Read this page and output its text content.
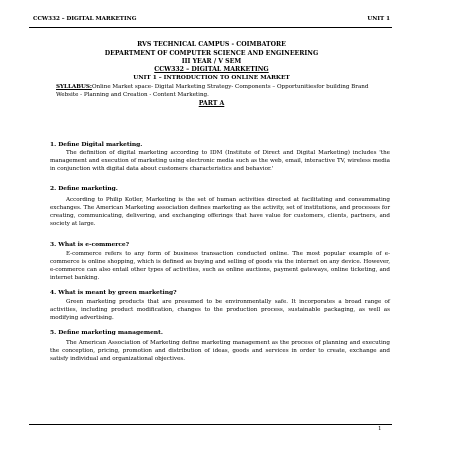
CCW332 – DIGITAL MARKETING	UNIT 1
RVS TECHNICAL CAMPUS - COIMBATORE
DEPARTMENT OF COMPUTER SCIENCE AND ENGINEERING
III YEAR / V SEM
CCW332 – DIGITAL MARKETING
UNIT 1 – INTRODUCTION TO ONLINE MARKET
SYLLABUS:Online Market space- Digital Marketing Strategy- Components – Opportunitiesfor building Brand Website - Planning and Creation - Content Marketing.
PART A
1. Define Digital marketing.
The definition of digital marketing according to IDM (Institute of Direct and Digital Marketing) includes 'the management and execution of marketing using electronic media such as the web, email, interactive TV, wireless media in conjunction with digital data about customers characteristics and behavior.'
2. Define marketing.
According to Philip Kotler, Marketing is the set of human activities directed at facilitating and consummating exchanges. The American Marketing association defines marketing as the activity, set of institutions, and processes for creating, communicating, delivering, and exchanging offerings that have value for customers, clients, partners, and society at large.
3. What is e-commerce?
E-commerce refers to any form of business transaction conducted online. The most popular example of e-commerce is online shopping, which is defined as buying and selling of goods via the internet on any device. However, e-commerce can also entail other types of activities, such as online auctions, payment gateways, online ticketing, and internet banking.
4. What is meant by green marketing?
Green marketing products that are presumed to be environmentally safe. It incorporates a broad range of activities, including product modification, changes to the production process, sustainable packaging, as well as modifying advertising.
5. Define marketing management.
The American Association of Marketing define marketing management as the process of planning and executing the conception, pricing, promotion and distribution of ideas, goods and services in order to create, exchange and satisfy individual and organizational objectives.
1
